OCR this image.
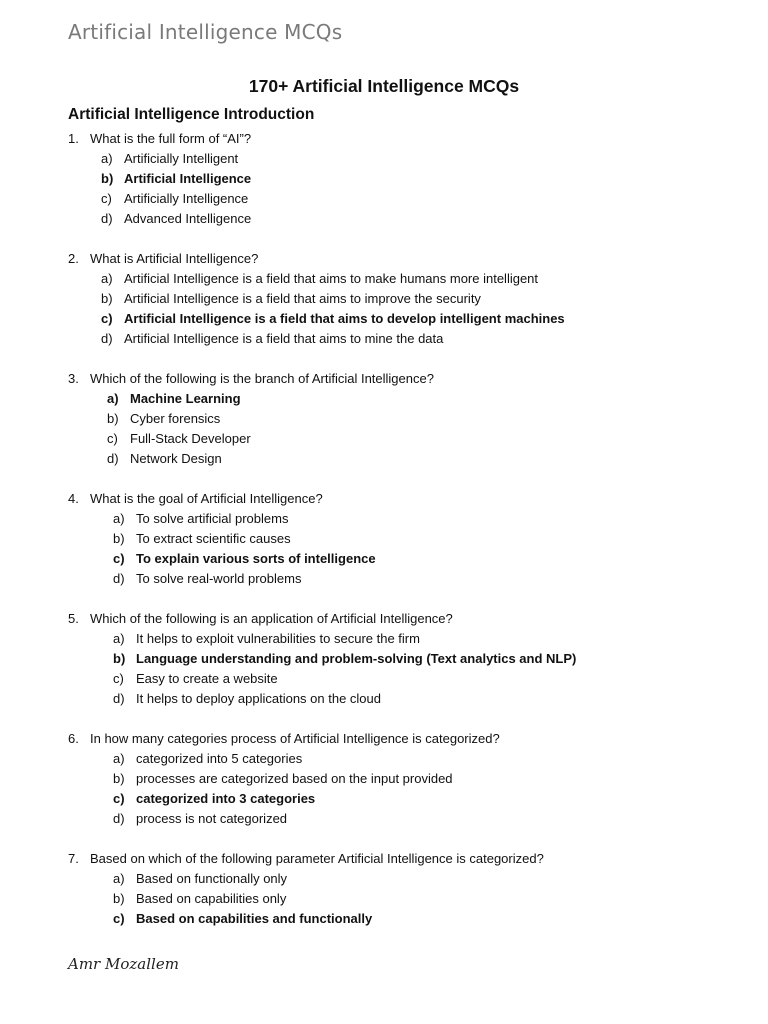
Artificial Intelligence MCQs
170+ Artificial Intelligence MCQs
Artificial Intelligence Introduction
1. What is the full form of “AI”?
a) Artificially Intelligent
b) Artificial Intelligence
c) Artificially Intelligence
d) Advanced Intelligence
2. What is Artificial Intelligence?
a) Artificial Intelligence is a field that aims to make humans more intelligent
b) Artificial Intelligence is a field that aims to improve the security
c) Artificial Intelligence is a field that aims to develop intelligent machines
d) Artificial Intelligence is a field that aims to mine the data
3. Which of the following is the branch of Artificial Intelligence?
a) Machine Learning
b) Cyber forensics
c) Full-Stack Developer
d) Network Design
4. What is the goal of Artificial Intelligence?
a) To solve artificial problems
b) To extract scientific causes
c) To explain various sorts of intelligence
d) To solve real-world problems
5. Which of the following is an application of Artificial Intelligence?
a) It helps to exploit vulnerabilities to secure the firm
b) Language understanding and problem-solving (Text analytics and NLP)
c) Easy to create a website
d) It helps to deploy applications on the cloud
6. In how many categories process of Artificial Intelligence is categorized?
a) categorized into 5 categories
b) processes are categorized based on the input provided
c) categorized into 3 categories
d) process is not categorized
7. Based on which of the following parameter Artificial Intelligence is categorized?
a) Based on functionally only
b) Based on capabilities only
c) Based on capabilities and functionally
Amr Mozallem
